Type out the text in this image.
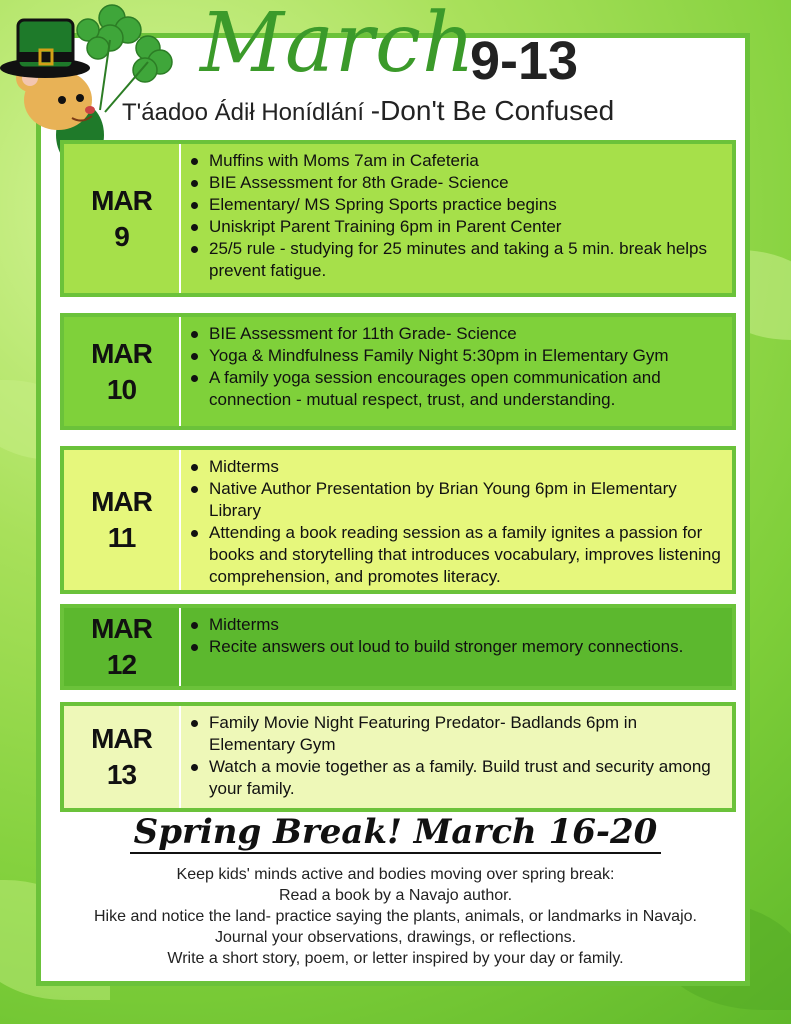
March
9-13
T'áadoo Ádił Honídlání -Don't Be Confused
MAR
9
Muffins with Moms 7am in Cafeteria
BIE Assessment for 8th Grade- Science
Elementary/ MS Spring Sports practice begins
Uniskript Parent Training 6pm in Parent Center
25/5 rule - studying for 25 minutes and taking a 5 min. break helps prevent fatigue.
MAR
10
BIE Assessment for 11th Grade- Science
Yoga & Mindfulness Family Night 5:30pm in Elementary Gym
A family yoga session encourages open communication and connection - mutual respect, trust, and understanding.
MAR
11
Midterms
Native Author Presentation by Brian Young 6pm in Elementary Library
Attending a book reading session as a family ignites a passion for books and storytelling that introduces vocabulary, improves listening comprehension, and promotes literacy.
MAR
12
Midterms
Recite answers out loud to build stronger memory connections.
MAR
13
Family Movie Night Featuring Predator- Badlands 6pm in Elementary Gym
Watch a movie together as a family. Build trust and security among your family.
Spring Break! March 16-20
Keep kids' minds active and bodies moving over spring break:
Read a book by a Navajo author.
Hike and notice the land- practice saying the plants, animals, or landmarks in Navajo.
Journal your observations, drawings, or reflections.
Write a short story, poem, or letter inspired by your day or family.
